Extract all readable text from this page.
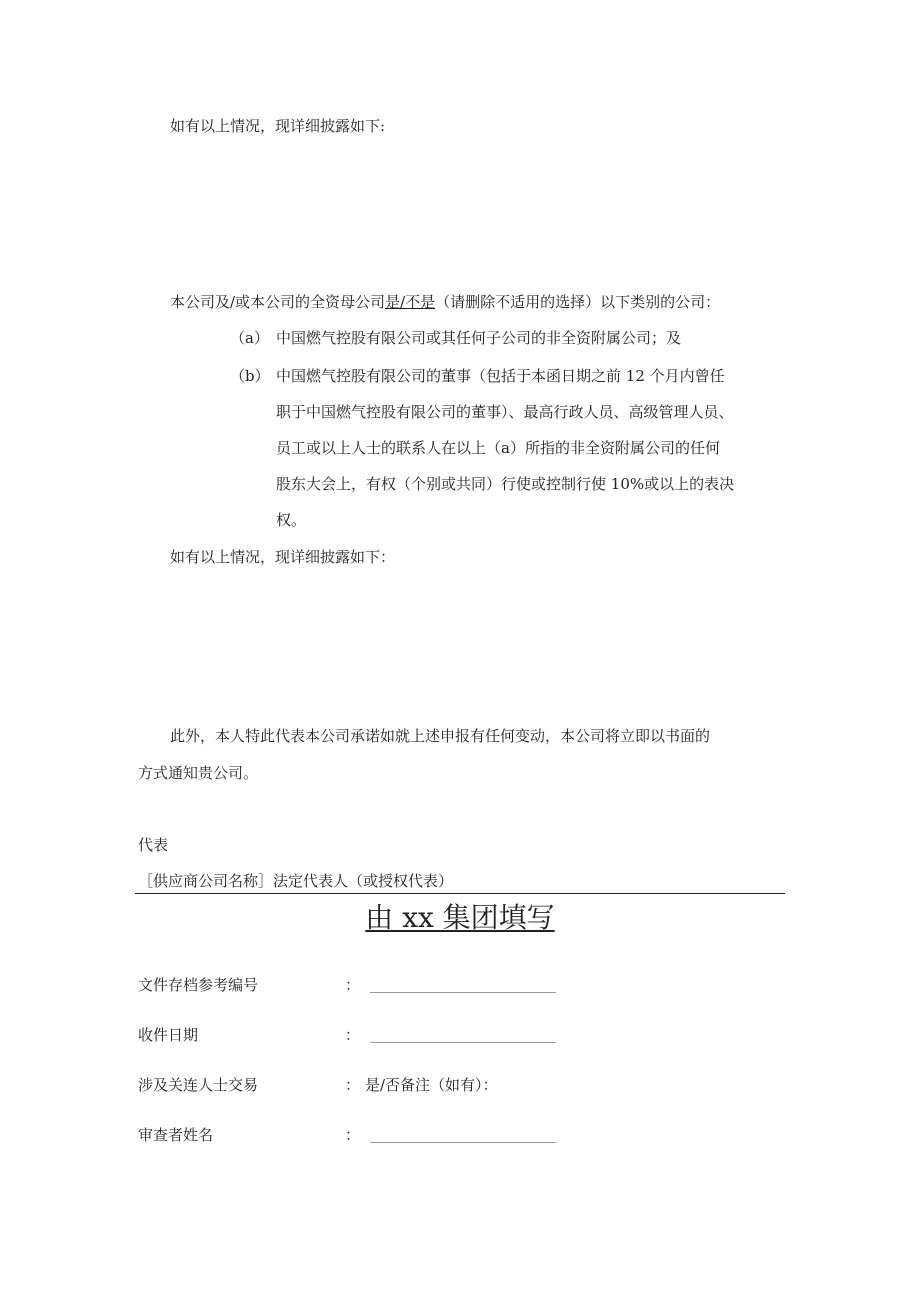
如有以上情况，现详细披露如下:
本公司及/或本公司的全资母公司是/不是（请删除不适用的选择）以下类别的公司：
（a） 中国燃气控股有限公司或其任何子公司的非全资附属公司；及
（b） 中国燃气控股有限公司的董事（包括于本函日期之前 12 个月内曾任
职于中国燃气控股有限公司的董事）、最高行政人员、高级管理人员、
员工或以上人士的联系人在以上（a）所指的非全资附属公司的任何
股东大会上，有权（个别或共同）行使或控制行使 10%或以上的表决
权。
如有以上情况，现详细披露如下：
此外，本人特此代表本公司承诺如就上述申报有任何变动，本公司将立即以书面的
方式通知贵公司。
代表
［供应商公司名称］法定代表人（或授权代表）
由 xx 集团填写
文件存档参考编号	：
收件日期	：
涉及关连人士交易	： 是/否备注（如有）：
审查者姓名	：
